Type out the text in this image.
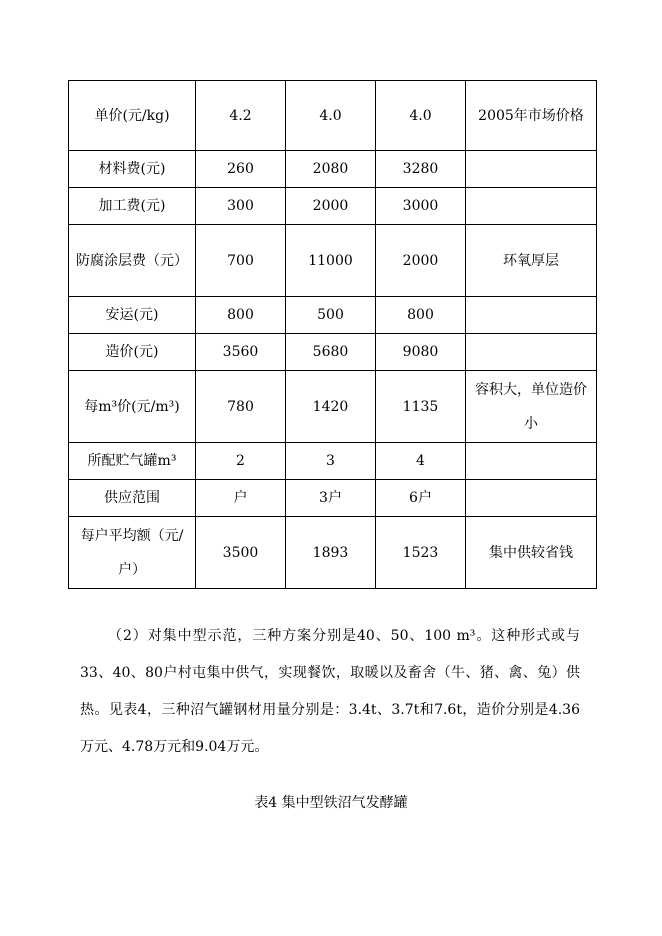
单价(元/kg)	4.2	4.0	4.0	2005年市场价格
材料费(元)	260	2080	3280	
加工费(元)	300	2000	3000	
防腐涂层费（元）	700	11000	2000	环氧厚层
安运(元)	800	500	800	
造价(元)	3560	5680	9080	
每m³价(元/m³)	780	1420	1135	容积大，单位造价小
所配贮气罐m³	2	3	4	
供应范围	户	3户	6户	
每户平均额（元/户）	3500	1893	1523	集中供较省钱
（2）对集中型示范，三种方案分别是40、50、100 m³。这种形式或与33、40、80户村屯集中供气，实现餐饮，取暖以及畜舍（牛、猪、禽、兔）供热。见表4，三种沼气罐钢材用量分别是：3.4t、3.7t和7.6t，造价分别是4.36万元、4.78万元和9.04万元。
表4 集中型铁沼气发酵罐
